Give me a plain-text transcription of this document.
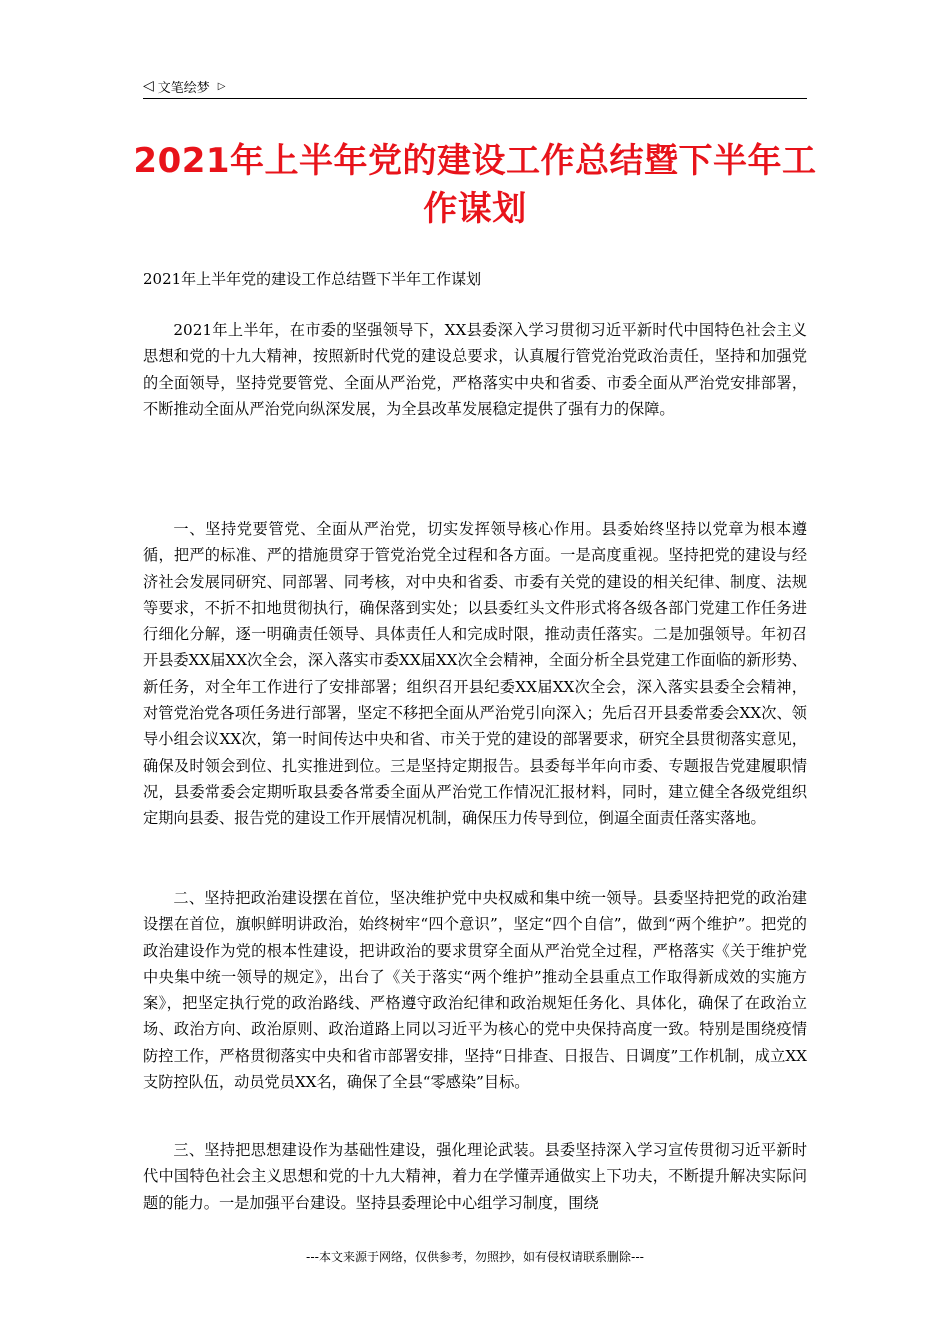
◁ 文笔绘梦 ▷
2021年上半年党的建设工作总结暨下半年工作谋划
2021年上半年党的建设工作总结暨下半年工作谋划

2021年上半年，在市委的坚强领导下，XX县委深入学习贯彻习近平新时代中国特色社会主义思想和党的十九大精神，按照新时代党的建设总要求，认真履行管党治党政治责任，坚持和加强党的全面领导，坚持党要管党、全面从严治党，严格落实中央和省委、市委全面从严治党安排部署，不断推动全面从严治党向纵深发展，为全县改革发展稳定提供了强有力的保障。

一、坚持党要管党、全面从严治党，切实发挥领导核心作用。县委始终坚持以党章为根本遵循，把严的标准、严的措施贯穿于管党治党全过程和各方面。一是高度重视。坚持把党的建设与经济社会发展同研究、同部署、同考核，对中央和省委、市委有关党的建设的相关纪律、制度、法规等要求，不折不扣地贯彻执行，确保落到实处；以县委红头文件形式将各级各部门党建工作任务进行细化分解，逐一明确责任领导、具体责任人和完成时限，推动责任落实。二是加强领导。年初召开县委XX届XX次全会，深入落实市委XX届XX次全会精神，全面分析全县党建工作面临的新形势、新任务，对全年工作进行了安排部署；组织召开县纪委XX届XX次全会，深入落实县委全会精神，对管党治党各项任务进行部署，坚定不移把全面从严治党引向深入；先后召开县委常委会XX次、领导小组会议XX次，第一时间传达中央和省、市关于党的建设的部署要求，研究全县贯彻落实意见，确保及时领会到位、扎实推进到位。三是坚持定期报告。县委每半年向市委、专题报告党建履职情况，县委常委会定期听取县委各常委全面从严治党工作情况汇报材料，同时，建立健全各级党组织定期向县委、报告党的建设工作开展情况机制，确保压力传导到位，倒逼全面责任落实落地。

二、坚持把政治建设摆在首位，坚决维护党中央权威和集中统一领导。县委坚持把党的政治建设摆在首位，旗帜鲜明讲政治，始终树牢“四个意识”，坚定“四个自信”，做到“两个维护”。把党的政治建设作为党的根本性建设，把讲政治的要求贯穿全面从严治党全过程，严格落实《关于维护党中央集中统一领导的规定》，出台了《关于落实“两个维护”推动全县重点工作取得新成效的实施方案》，把坚定执行党的政治路线、严格遵守政治纪律和政治规矩任务化、具体化，确保了在政治立场、政治方向、政治原则、政治道路上同以习近平为核心的党中央保持高度一致。特别是围绕疫情防控工作，严格贯彻落实中央和省市部署安排，坚持“日排查、日报告、日调度”工作机制，成立XX支防控队伍，动员党员XX名，确保了全县“零感染”目标。

三、坚持把思想建设作为基础性建设，强化理论武装。县委坚持深入学习宣传贯彻习近平新时代中国特色社会主义思想和党的十九大精神，着力在学懂弄通做实上下功夫，不断提升解决实际问题的能力。一是加强平台建设。坚持县委理论中心组学习制度，围绕

---本文来源于网络，仅供参考，勿照抄，如有侵权请联系删除---
